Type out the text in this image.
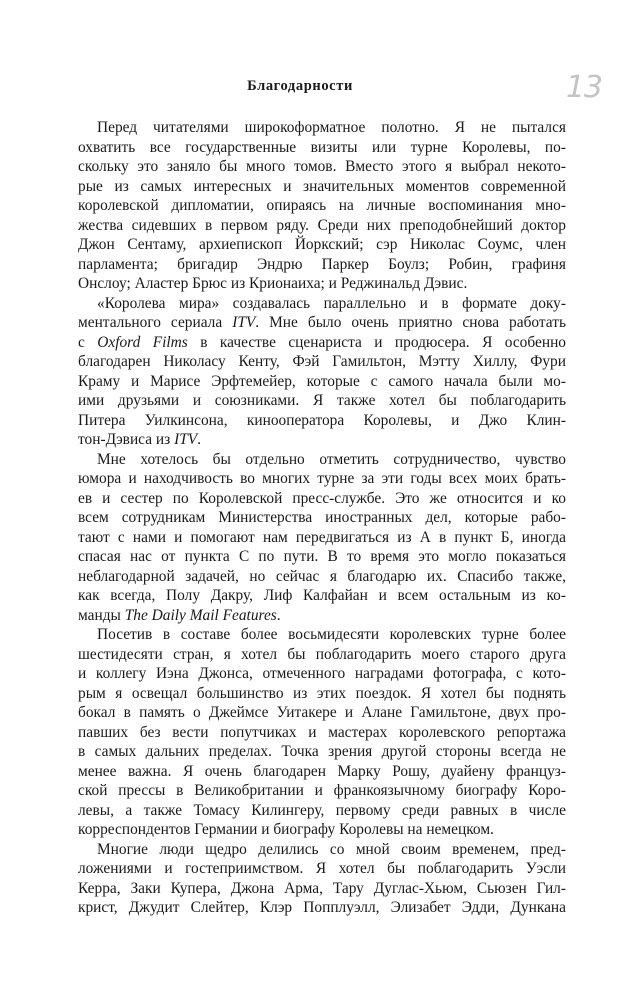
Благодарности	13
Перед читателями широкоформатное полотно. Я не пытался
охватить все государственные визиты или турне Королевы, по-
скольку это заняло бы много томов. Вместо этого я выбрал некото-
рые из самых интересных и значительных моментов современной
королевской дипломатии, опираясь на личные воспоминания мно-
жества сидевших в первом ряду. Среди них преподобнейший доктор
Джон Сентаму, архиепископ Йоркский; сэр Николас Соумс, член
парламента; бригадир Эндрю Паркер Боулз; Робин, графиня
Онслоу; Аластер Брюс из Крионаиха; и Реджинальд Дэвис.
«Королева мира» создавалась параллельно и в формате доку-
ментального сериала ITV. Мне было очень приятно снова работать
с Oxford Films в качестве сценариста и продюсера. Я особенно
благодарен Николасу Кенту, Фэй Гамильтон, Мэтту Хиллу, Фури
Краму и Марисе Эрфтемейер, которые с самого начала были мо-
ими друзьями и союзниками. Я также хотел бы поблагодарить
Питера Уилкинсона, кинооператора Королевы, и Джо Клин-
тон-Дэвиса из ITV.
Мне хотелось бы отдельно отметить сотрудничество, чувство
юмора и находчивость во многих турне за эти годы всех моих брать-
ев и сестер по Королевской пресс-службе. Это же относится и ко
всем сотрудникам Министерства иностранных дел, которые рабо-
тают с нами и помогают нам передвигаться из А в пункт Б, иногда
спасая нас от пункта С по пути. В то время это могло показаться
неблагодарной задачей, но сейчас я благодарю их. Спасибо также,
как всегда, Полу Дакру, Лиф Калфайан и всем остальным из ко-
манды The Daily Mail Features.
Посетив в составе более восьмидесяти королевских турне более
шестидесяти стран, я хотел бы поблагодарить моего старого друга
и коллегу Иэна Джонса, отмеченного наградами фотографа, с кото-
рым я освещал большинство из этих поездок. Я хотел бы поднять
бокал в память о Джеймсе Уитакере и Алане Гамильтоне, двух про-
павших без вести попутчиках и мастерах королевского репортажа
в самых дальних пределах. Точка зрения другой стороны всегда не
менее важна. Я очень благодарен Марку Рошу, дуайену француз-
ской прессы в Великобритании и франкоязычному биографу Коро-
левы, а также Томасу Килингеру, первому среди равных в числе
корреспондентов Германии и биографу Королевы на немецком.
Многие люди щедро делились со мной своим временем, пред-
ложениями и гостеприимством. Я хотел бы поблагодарить Уэсли
Керра, Заки Купера, Джона Арма, Тару Дуглас-Хьюм, Сьюзен Гил-
крист, Джудит Слейтер, Клэр Попплуэлл, Элизабет Эдди, Дункана
